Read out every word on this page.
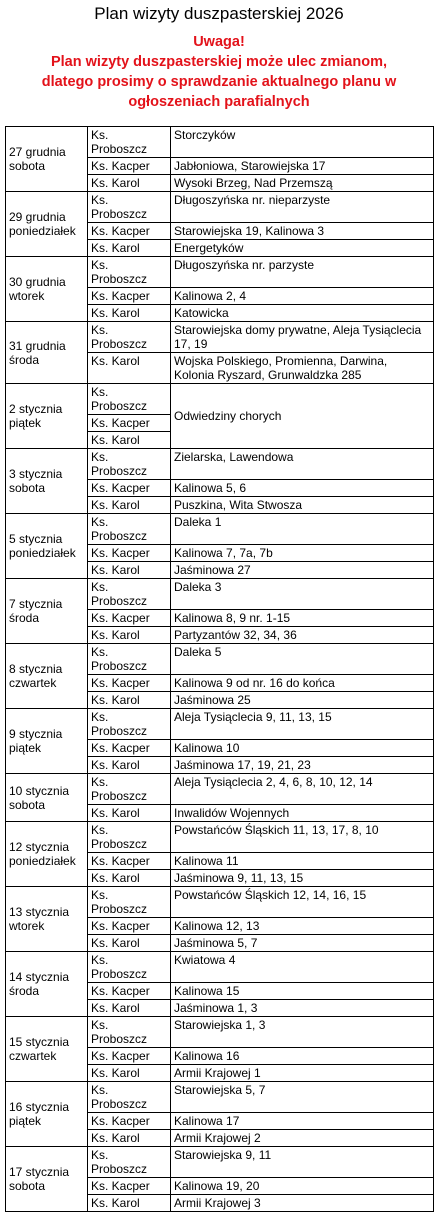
Plan wizyty duszpasterskiej 2026
Uwaga!
Plan wizyty duszpasterskiej może ulec zmianom,
dlatego prosimy o sprawdzanie aktualnego planu w
ogłoszeniach parafialnych
27 grudnia
sobota	Ks. Proboszcz	Storczyków
	Ks. Kacper	Jabłoniowa, Starowiejska 17
	Ks. Karol	Wysoki Brzeg, Nad Przemszą

29 grudnia
poniedziałek	Ks. Proboszcz	Długoszyńska nr. nieparzyste
	Ks. Kacper	Starowiejska 19, Kalinowa 3
	Ks. Karol	Energetyków

30 grudnia
wtorek	Ks. Proboszcz	Długoszyńska nr. parzyste
	Ks. Kacper	Kalinowa 2, 4
	Ks. Karol	Katowicka

31 grudnia
środa	Ks. Proboszcz	Starowiejska domy prywatne, Aleja Tysiąclecia 17, 19
	Ks. Karol	Wojska Polskiego, Promienna, Darwina, Kolonia Ryszard, Grunwaldzka 285

2 stycznia
piątek	Ks. Proboszcz	Odwiedziny chorych
	Ks. Kacper	
	Ks. Karol	

3 stycznia
sobota	Ks. Proboszcz	Zielarska, Lawendowa
	Ks. Kacper	Kalinowa 5, 6
	Ks. Karol	Puszkina, Wita Stwosza

5 stycznia
poniedziałek	Ks. Proboszcz	Daleka 1
	Ks. Kacper	Kalinowa 7, 7a, 7b
	Ks. Karol	Jaśminowa 27

7 stycznia
środa	Ks. Proboszcz	Daleka 3
	Ks. Kacper	Kalinowa 8, 9 nr. 1-15
	Ks. Karol	Partyzantów 32, 34, 36

8 stycznia
czwartek	Ks. Proboszcz	Daleka 5
	Ks. Kacper	Kalinowa 9 od nr. 16 do końca
	Ks. Karol	Jaśminowa 25

9 stycznia
piątek	Ks. Proboszcz	Aleja Tysiąclecia 9, 11, 13, 15
	Ks. Kacper	Kalinowa 10
	Ks. Karol	Jaśminowa 17, 19, 21, 23

10 stycznia
sobota	Ks. Proboszcz	Aleja Tysiąclecia 2, 4, 6, 8, 10, 12, 14
	Ks. Karol	Inwalidów Wojennych

12 stycznia
poniedziałek	Ks. Proboszcz	Powstańców Śląskich 11, 13, 17, 8, 10
	Ks. Kacper	Kalinowa 11
	Ks. Karol	Jaśminowa 9, 11, 13, 15

13 stycznia
wtorek	Ks. Proboszcz	Powstańców Śląskich 12, 14, 16, 15
	Ks. Kacper	Kalinowa 12, 13
	Ks. Karol	Jaśminowa 5, 7

14 stycznia
środa	Ks. Proboszcz	Kwiatowa 4
	Ks. Kacper	Kalinowa 15
	Ks. Karol	Jaśminowa 1, 3

15 stycznia
czwartek	Ks. Proboszcz	Starowiejska 1, 3
	Ks. Kacper	Kalinowa 16
	Ks. Karol	Armii Krajowej 1

16 stycznia
piątek	Ks. Proboszcz	Starowiejska 5, 7
	Ks. Kacper	Kalinowa 17
	Ks. Karol	Armii Krajowej 2

17 stycznia
sobota	Ks. Proboszcz	Starowiejska 9, 11
	Ks. Kacper	Kalinowa 19, 20
	Ks. Karol	Armii Krajowej 3
